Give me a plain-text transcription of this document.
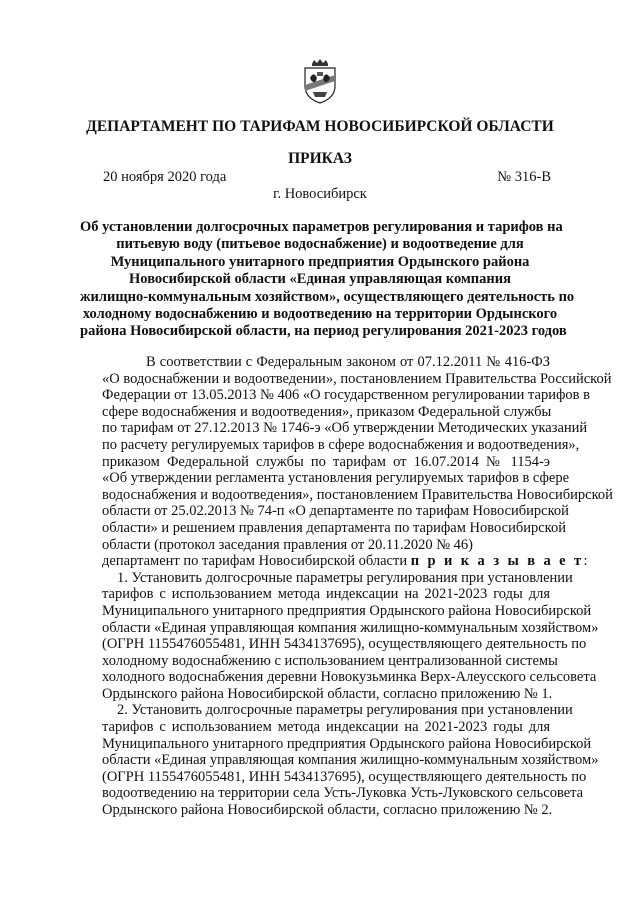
ДЕПАРТАМЕНТ ПО ТАРИФАМ НОВОСИБИРСКОЙ ОБЛАСТИ
ПРИКАЗ
20 ноября 2020 года	№ 316-В
г. Новосибирск
Об установлении долгосрочных параметров регулирования и тарифов на
питьевую воду (питьевое водоснабжение) и водоотведение для
Муниципального унитарного предприятия Ордынского района
Новосибирской области «Единая управляющая компания
жилищно-коммунальным хозяйством», осуществляющего деятельность по
холодному водоснабжению и водоотведению на территории Ордынского
района Новосибирской области, на период регулирования 2021-2023 годов
В соответствии с Федеральным законом от 07.12.2011 № 416-ФЗ
«О водоснабжении и водоотведении», постановлением Правительства Российской
Федерации от 13.05.2013 № 406 «О государственном регулировании тарифов в
сфере водоснабжения и водоотведения», приказом Федеральной службы
по тарифам от 27.12.2013 № 1746-э «Об утверждении Методических указаний
по расчету регулируемых тарифов в сфере водоснабжения и водоотведения»,
приказом Федеральной службы по тарифам от 16.07.2014 № 1154-э
«Об утверждении регламента установления регулируемых тарифов в сфере
водоснабжения и водоотведения», постановлением Правительства Новосибирской
области от 25.02.2013 № 74-п «О департаменте по тарифам Новосибирской
области» и решением правления департамента по тарифам Новосибирской
области (протокол заседания правления от 20.11.2020 № 46)
департамент по тарифам Новосибирской области п р и к а з ы в а е т:
1. Установить долгосрочные параметры регулирования при установлении
тарифов с использованием метода индексации на 2021-2023 годы для
Муниципального унитарного предприятия Ордынского района Новосибирской
области «Единая управляющая компания жилищно-коммунальным хозяйством»
(ОГРН 1155476055481, ИНН 5434137695), осуществляющего деятельность по
холодному водоснабжению с использованием централизованной системы
холодного водоснабжения деревни Новокузьминка Верх-Алеусского сельсовета
Ордынского района Новосибирской области, согласно приложению № 1.
2. Установить долгосрочные параметры регулирования при установлении
тарифов с использованием метода индексации на 2021-2023 годы для
Муниципального унитарного предприятия Ордынского района Новосибирской
области «Единая управляющая компания жилищно-коммунальным хозяйством»
(ОГРН 1155476055481, ИНН 5434137695), осуществляющего деятельность по
водоотведению на территории села Усть-Луковка Усть-Луковского сельсовета
Ордынского района Новосибирской области, согласно приложению № 2.
